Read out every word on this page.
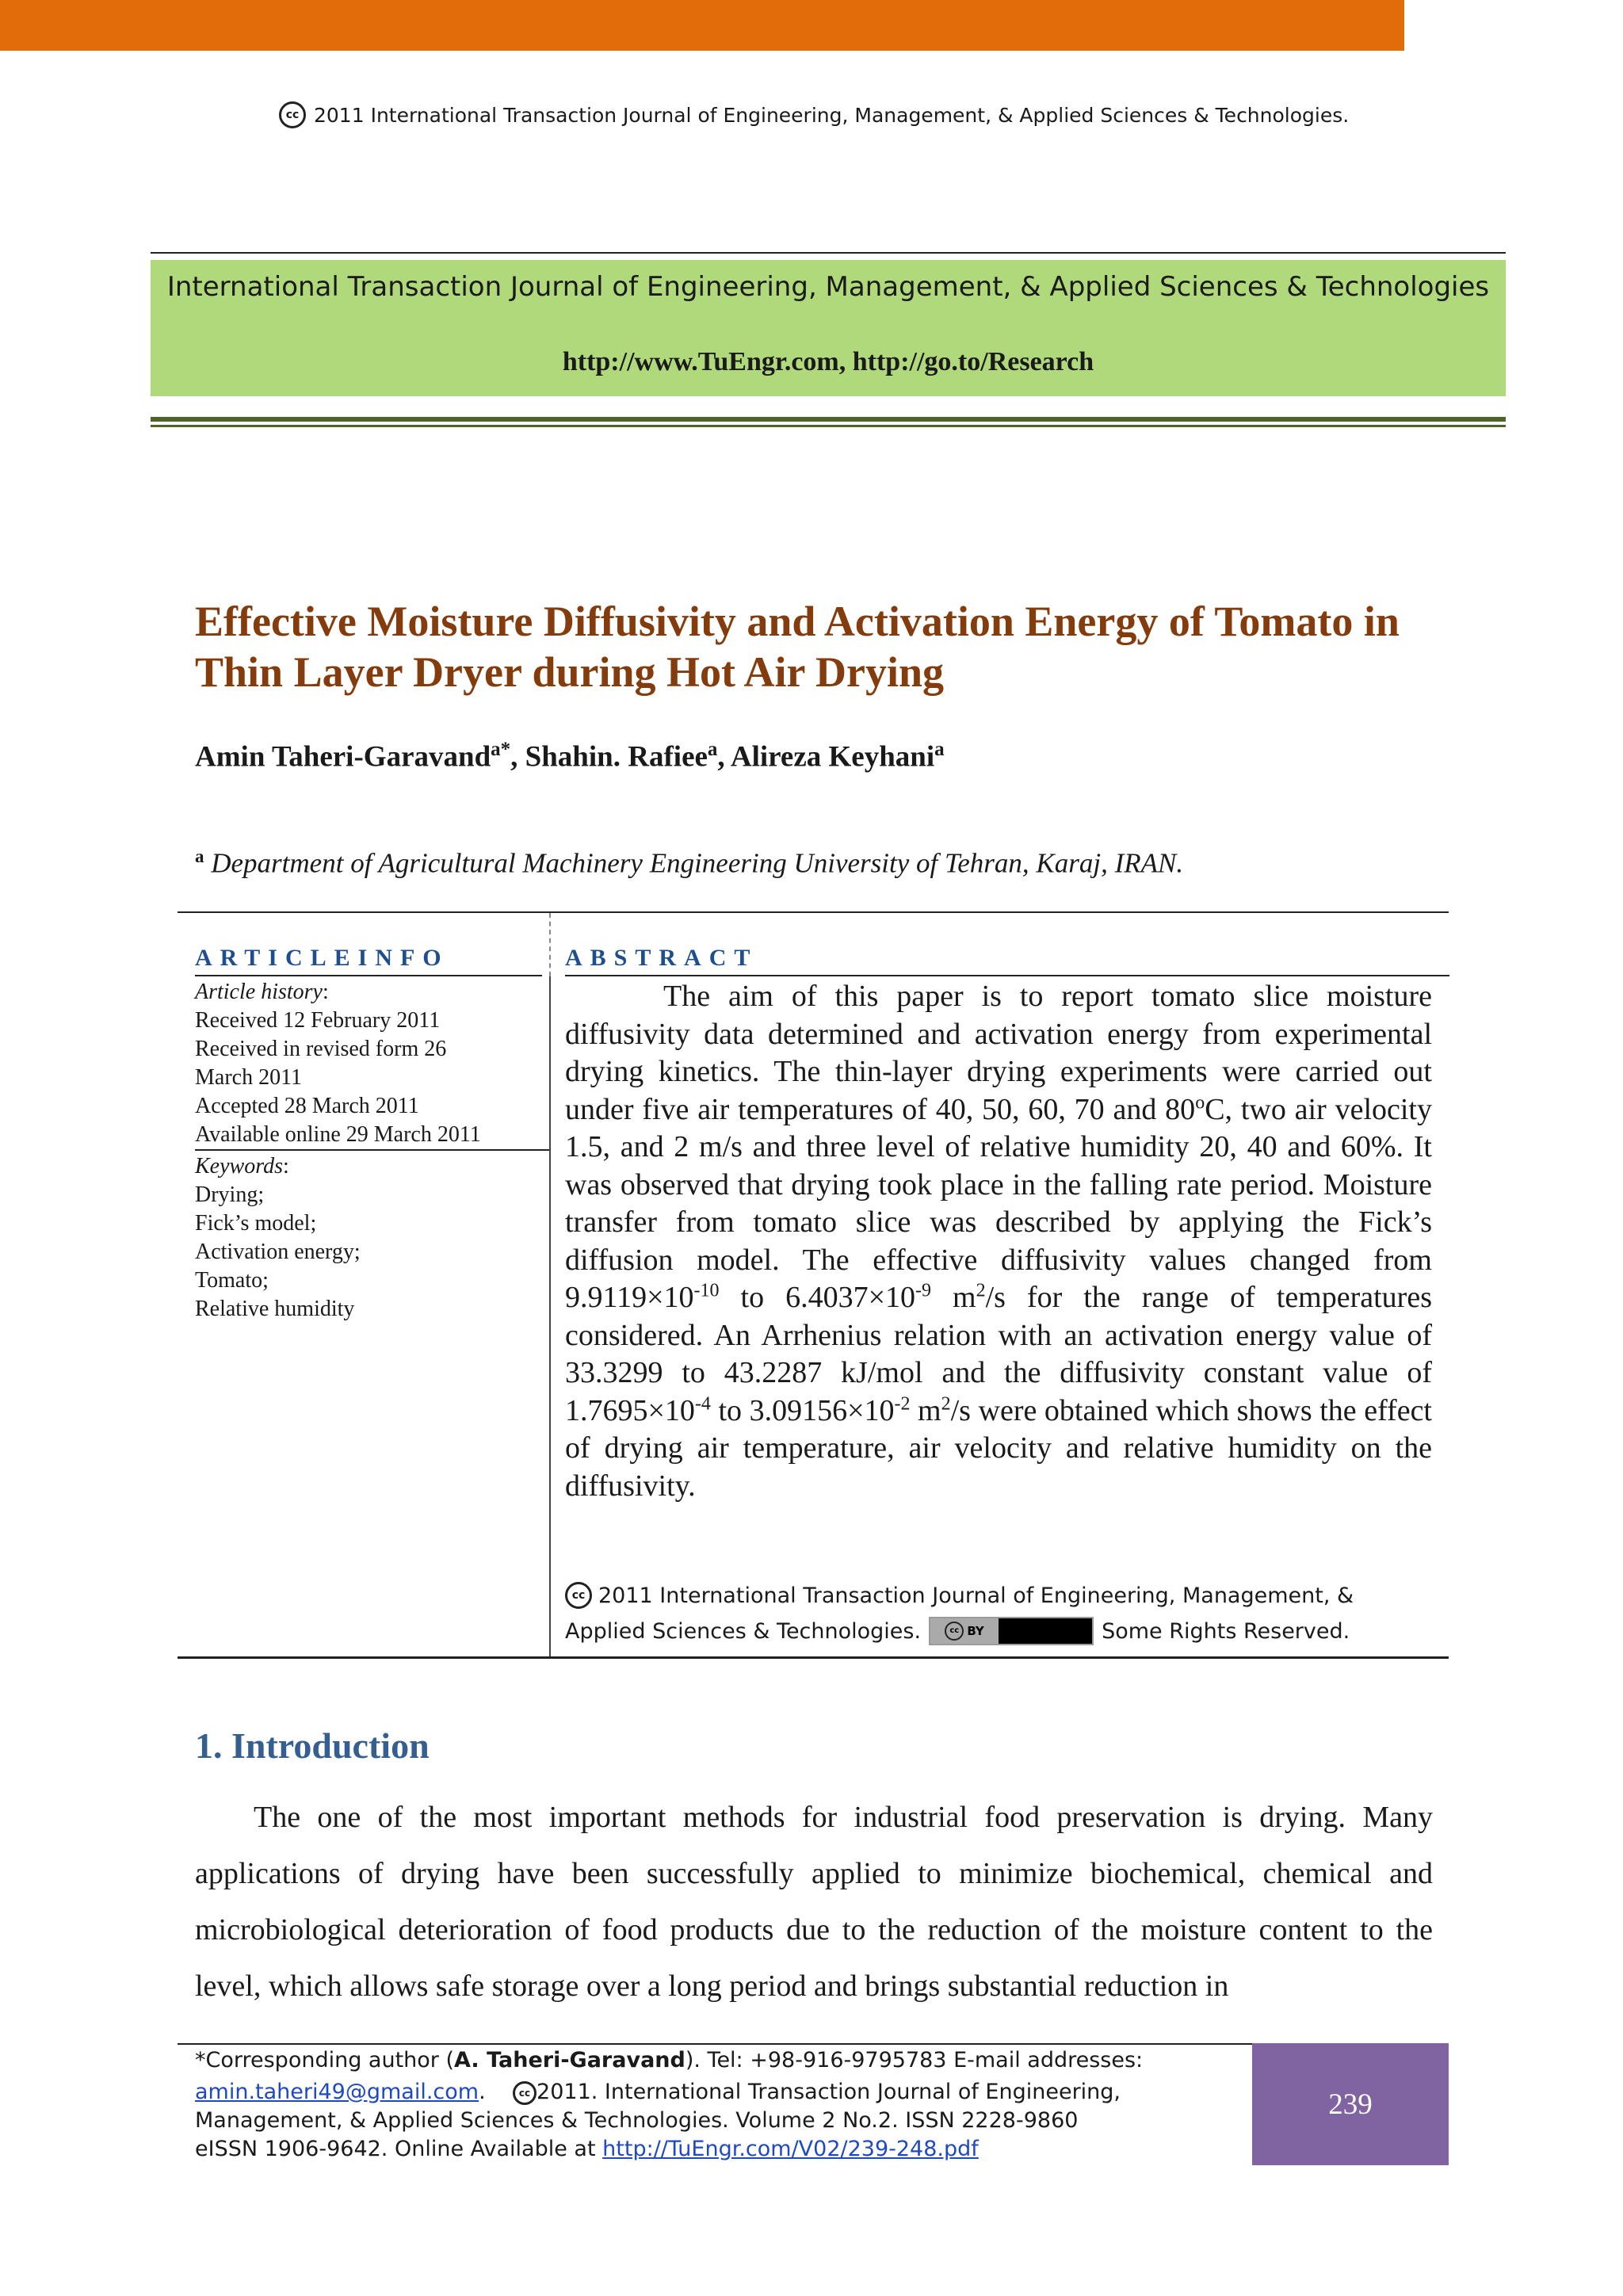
cc 2011 International Transaction Journal of Engineering, Management, & Applied Sciences & Technologies.
International Transaction Journal of Engineering, Management, & Applied Sciences & Technologies
http://www.TuEngr.com, http://go.to/Research
Effective Moisture Diffusivity and Activation Energy of Tomato in
Thin Layer Dryer during Hot Air Drying
Amin Taheri-Garavand$^{a*}$, Shahin. Rafiee$^a$, Alireza Keyhani$^a$
$^a$ Department of Agricultural Machinery Engineering University of Tehran, Karaj, IRAN.
ARTICLEINFO	ABSTRACT
Article history:
Received 12 February 2011
Received in revised form 26
March 2011
Accepted 28 March 2011
Available online 29 March 2011
Keywords:
Drying;
Fick’s model;
Activation energy;
Tomato;
Relative humidity
The aim of this paper is to report tomato slice moisture diffusivity data determined and activation energy from experimental drying kinetics. The thin-layer drying experiments were carried out under five air temperatures of 40, 50, 60, 70 and 80$^o$C, two air velocity 1.5, and 2 m/s and three level of relative humidity 20, 40 and 60%. It was observed that drying took place in the falling rate period. Moisture transfer from tomato slice was described by applying the Fick’s diffusion model. The effective diffusivity values changed from $9.9119\times 10^{-10}$ to $6.4037\times 10^{-9}$ $m^2/s$ for the range of temperatures considered. An Arrhenius relation with an activation energy value of 33.3299 to 43.2287 kJ/mol and the diffusivity constant value of $1.7695\times 10^{-4}$ to $3.09156\times 10^{-2}$ $m^2/s$ were obtained which shows the effect of drying air temperature, air velocity and relative humidity on the diffusivity.
cc 2011 International Transaction Journal of Engineering, Management, &
Applied Sciences & Technologies.	cc BY	Some Rights Reserved.
1. Introduction
The one of the most important methods for industrial food preservation is drying. Many applications of drying have been successfully applied to minimize biochemical, chemical and microbiological deterioration of food products due to the reduction of the moisture content to the level, which allows safe storage over a long period and brings substantial reduction in
*Corresponding author (A. Taheri-Garavand). Tel: +98-916-9795783 E-mail addresses:
amin.taheri49@gmail.com.	cc 2011. International Transaction Journal of Engineering,
Management, & Applied Sciences & Technologies. Volume 2 No.2. ISSN 2228-9860
eISSN 1906-9642. Online Available at http://TuEngr.com/V02/239-248.pdf
239
